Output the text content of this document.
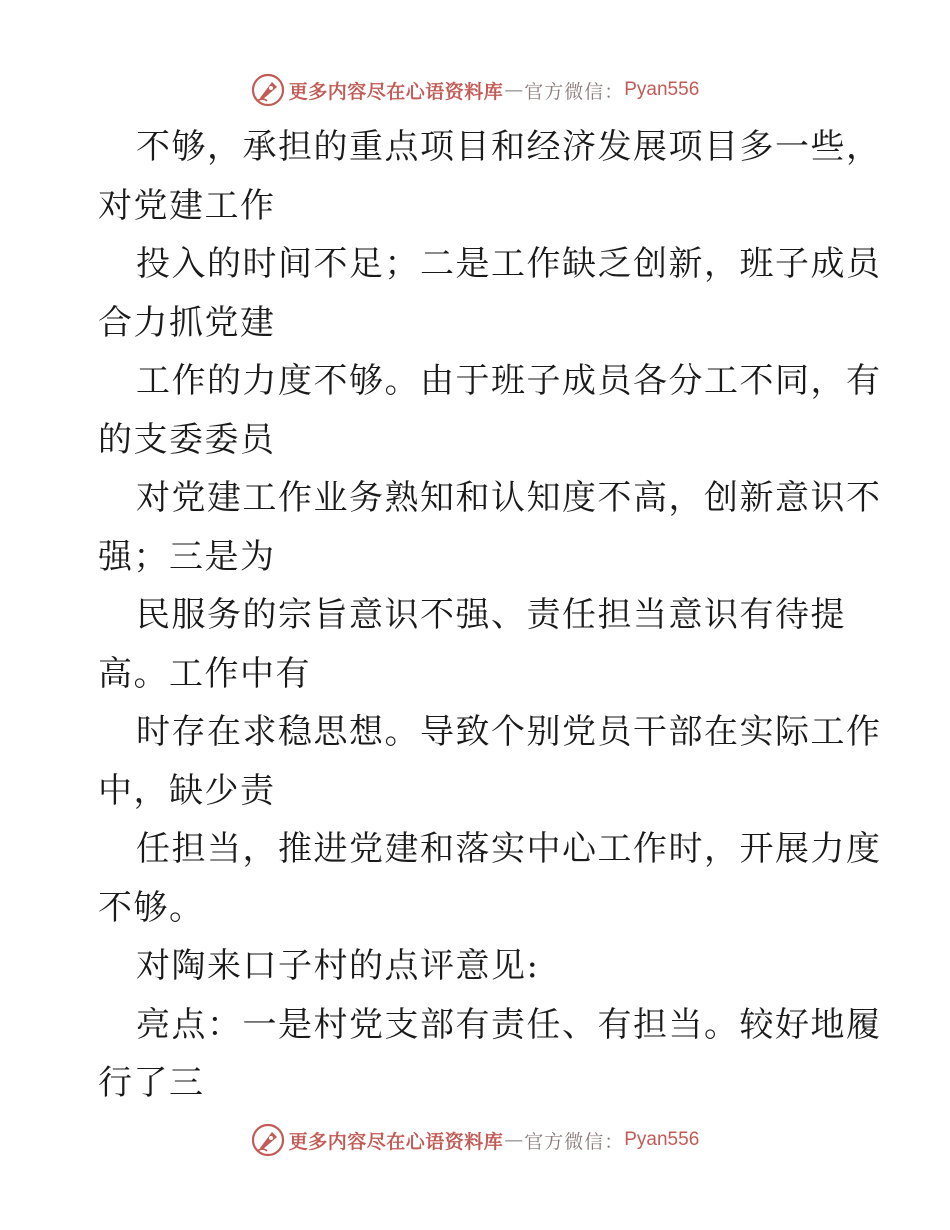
更多内容尽在心语资料库 — 官方微信： Pyan556
不够，承担的重点项目和经济发展项目多一些，
对党建工作
投入的时间不足；二是工作缺乏创新，班子成员
合力抓党建
工作的力度不够。由于班子成员各分工不同，有
的支委委员
对党建工作业务熟知和认知度不高，创新意识不
强；三是为
民服务的宗旨意识不强、责任担当意识有待提
高。工作中有
时存在求稳思想。导致个别党员干部在实际工作
中，缺少责
任担当，推进党建和落实中心工作时，开展力度
不够。
对陶来口子村的点评意见:
亮点：一是村党支部有责任、有担当。较好地履
行了三
更多内容尽在心语资料库 — 官方微信： Pyan556
